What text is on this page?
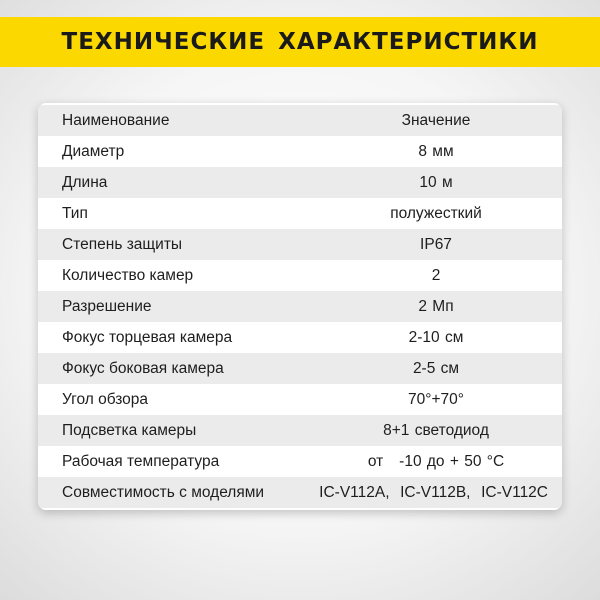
ТЕХНИЧЕСКИЕ ХАРАКТЕРИСТИКИ
Наименование	Значение
Диаметр	8 мм
Длина	10 м
Тип	полужесткий
Степень защиты	IP67
Количество камер	2
Разрешение	2 Мп
Фокус торцевая камера	2-10 см
Фокус боковая камера	2-5 см
Угол обзора	70°+70°
Подсветка камеры	8+1 светодиод
Рабочая температура	от   -10 до + 50 °C
Совместимость с моделями	IC-V112A,  IC-V112B,  IC-V112C
